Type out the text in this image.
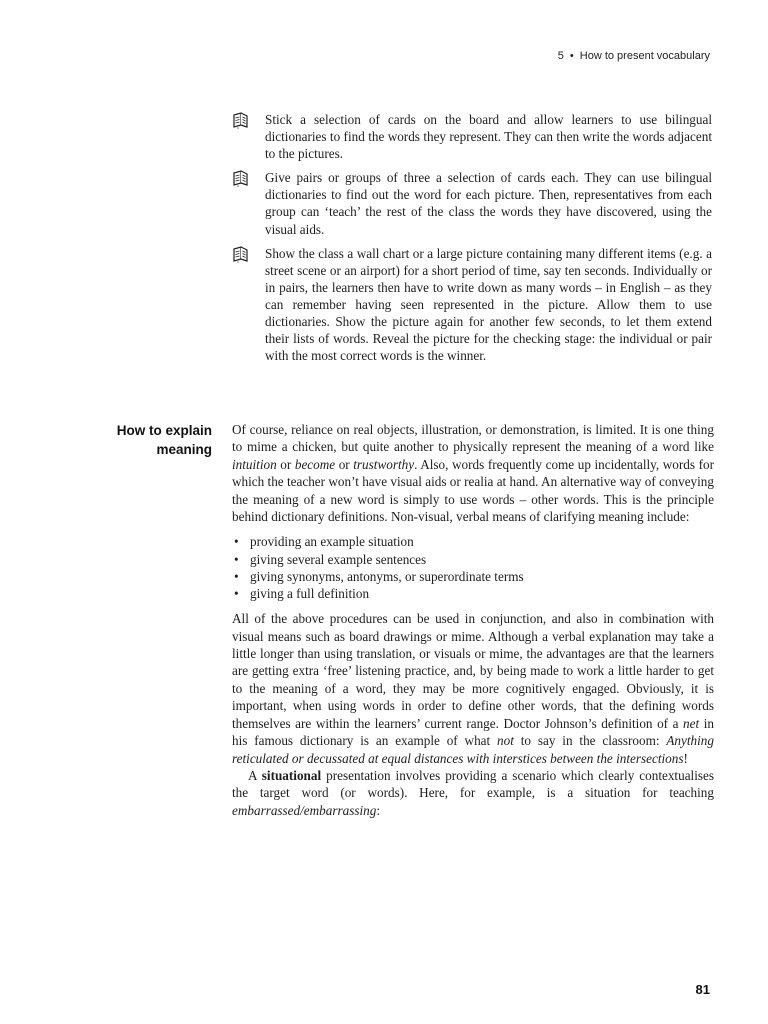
5 • How to present vocabulary
Stick a selection of cards on the board and allow learners to use bilingual dictionaries to find the words they represent. They can then write the words adjacent to the pictures.
Give pairs or groups of three a selection of cards each. They can use bilingual dictionaries to find out the word for each picture. Then, representatives from each group can ‘teach’ the rest of the class the words they have discovered, using the visual aids.
Show the class a wall chart or a large picture containing many different items (e.g. a street scene or an airport) for a short period of time, say ten seconds. Individually or in pairs, the learners then have to write down as many words – in English – as they can remember having seen represented in the picture. Allow them to use dictionaries. Show the picture again for another few seconds, to let them extend their lists of words. Reveal the picture for the checking stage: the individual or pair with the most correct words is the winner.
How to explain
meaning

Of course, reliance on real objects, illustration, or demonstration, is limited. It is one thing to mime a chicken, but quite another to physically represent the meaning of a word like intuition or become or trustworthy. Also, words frequently come up incidentally, words for which the teacher won’t have visual aids or realia at hand. An alternative way of conveying the meaning of a new word is simply to use words – other words. This is the principle behind dictionary definitions. Non-visual, verbal means of clarifying meaning include:

• providing an example situation
• giving several example sentences
• giving synonyms, antonyms, or superordinate terms
• giving a full definition

All of the above procedures can be used in conjunction, and also in combination with visual means such as board drawings or mime. Although a verbal explanation may take a little longer than using translation, or visuals or mime, the advantages are that the learners are getting extra ‘free’ listening practice, and, by being made to work a little harder to get to the meaning of a word, they may be more cognitively engaged. Obviously, it is important, when using words in order to define other words, that the defining words themselves are within the learners’ current range. Doctor Johnson’s definition of a net in his famous dictionary is an example of what not to say in the classroom: Anything reticulated or decussated at equal distances with interstices between the intersections!

A situational presentation involves providing a scenario which clearly contextualises the target word (or words). Here, for example, is a situation for teaching embarrassed/embarrassing:

81
